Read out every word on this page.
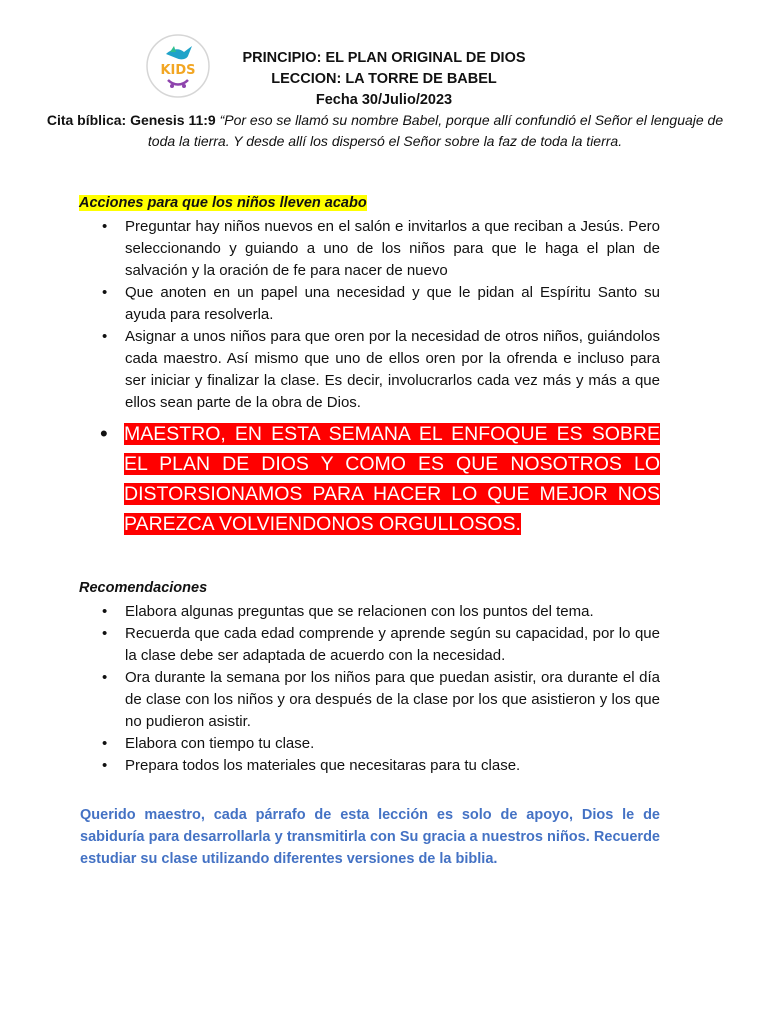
KIDS
PRINCIPIO: EL PLAN ORIGINAL DE DIOS
LECCION: LA TORRE DE BABEL
Fecha 30/Julio/2023
Cita bíblica: Genesis 11:9 “Por eso se llamó su nombre Babel, porque allí confundió el Señor el lenguaje de toda la tierra. Y desde allí los dispersó el Señor sobre la faz de toda la tierra.
Acciones para que los niños lleven acabo
• Preguntar hay niños nuevos en el salón e invitarlos a que reciban a Jesús. Pero seleccionando y guiando a uno de los niños para que le haga el plan de salvación y la oración de fe para nacer de nuevo
• Que anoten en un papel una necesidad y que le pidan al Espíritu Santo su ayuda para resolverla.
• Asignar a unos niños para que oren por la necesidad de otros niños, guiándolos cada maestro. Así mismo que uno de ellos oren por la ofrenda e incluso para ser iniciar y finalizar la clase. Es decir, involucrarlos cada vez más y más a que ellos sean parte de la obra de Dios.
• MAESTRO, EN ESTA SEMANA EL ENFOQUE ES SOBRE EL PLAN DE DIOS Y COMO ES QUE NOSOTROS LO DISTORSIONAMOS PARA HACER LO QUE MEJOR NOS PAREZCA VOLVIENDONOS ORGULLOSOS.
Recomendaciones
• Elabora algunas preguntas que se relacionen con los puntos del tema.
• Recuerda que cada edad comprende y aprende según su capacidad, por lo que la clase debe ser adaptada de acuerdo con la necesidad.
• Ora durante la semana por los niños para que puedan asistir, ora durante el día de clase con los niños y ora después de la clase por los que asistieron y los que no pudieron asistir.
• Elabora con tiempo tu clase.
• Prepara todos los materiales que necesitaras para tu clase.
Querido maestro, cada párrafo de esta lección es solo de apoyo, Dios le de sabiduría para desarrollarla y transmitirla con Su gracia a nuestros niños. Recuerde estudiar su clase utilizando diferentes versiones de la biblia.
